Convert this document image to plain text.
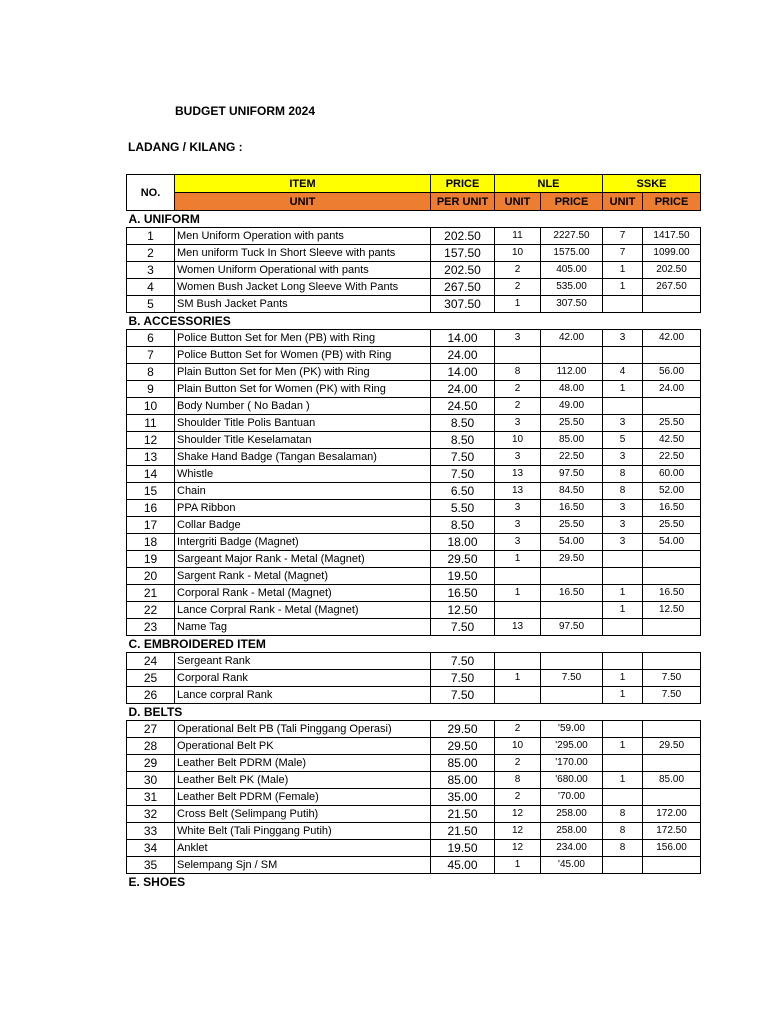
BUDGET UNIFORM 2024
LADANG / KILANG :
NO.	ITEM	PRICE	NLE		SSKE	
	UNIT	PER UNIT	UNIT	PRICE	UNIT	PRICE
A. UNIFORM						
1	Men Uniform Operation with pants	202.50	11	2227.50	7	1417.50
2	Men uniform Tuck In Short Sleeve with pants	157.50	10	1575.00	7	1099.00
3	Women Uniform Operational with pants	202.50	2	405.00	1	202.50
4	Women Bush Jacket Long Sleeve With Pants	267.50	2	535.00	1	267.50
5	SM Bush Jacket Pants	307.50	1	307.50		
B. ACCESSORIES						
6	Police Button Set for Men (PB) with Ring	14.00	3	42.00	3	42.00
7	Police Button Set for Women (PB) with Ring	24.00				
8	Plain Button Set for Men (PK) with Ring	14.00	8	112.00	4	56.00
9	Plain Button Set for Women (PK) with Ring	24.00	2	48.00	1	24.00
10	Body Number ( No Badan )	24.50	2	49.00		
11	Shoulder Title Polis Bantuan	8.50	3	25.50	3	25.50
12	Shoulder Title Keselamatan	8.50	10	85.00	5	42.50
13	Shake Hand Badge (Tangan Besalaman)	7.50	3	22.50	3	22.50
14	Whistle	7.50	13	97.50	8	60.00
15	Chain	6.50	13	84.50	8	52.00
16	PPA Ribbon	5.50	3	16.50	3	16.50
17	Collar Badge	8.50	3	25.50	3	25.50
18	Intergriti Badge (Magnet)	18.00	3	54.00	3	54.00
19	Sargeant Major Rank - Metal (Magnet)	29.50	1	29.50		
20	Sargent Rank - Metal (Magnet)	19.50				
21	Corporal Rank - Metal (Magnet)	16.50	1	16.50	1	16.50
22	Lance Corpral Rank - Metal (Magnet)	12.50			1	12.50
23	Name Tag	7.50	13	97.50		
C. EMBROIDERED ITEM						
24	Sergeant Rank	7.50				
25	Corporal Rank	7.50	1	7.50	1	7.50
26	Lance corpral Rank	7.50			1	7.50
D. BELTS						
27	Operational Belt PB (Tali Pinggang Operasi)	29.50	2	'59.00		
28	Operational Belt PK	29.50	10	'295.00	1	29.50
29	Leather Belt PDRM (Male)	85.00	2	'170.00		
30	Leather Belt PK (Male)	85.00	8	'680.00	1	85.00
31	Leather Belt PDRM (Female)	35.00	2	'70.00		
32	Cross Belt (Selimpang Putih)	21.50	12	258.00	8	172.00
33	White Belt (Tali Pinggang Putih)	21.50	12	258.00	8	172.50
34	Anklet	19.50	12	234.00	8	156.00
35	Selempang Sjn / SM	45.00	1	'45.00		
E. SHOES						
